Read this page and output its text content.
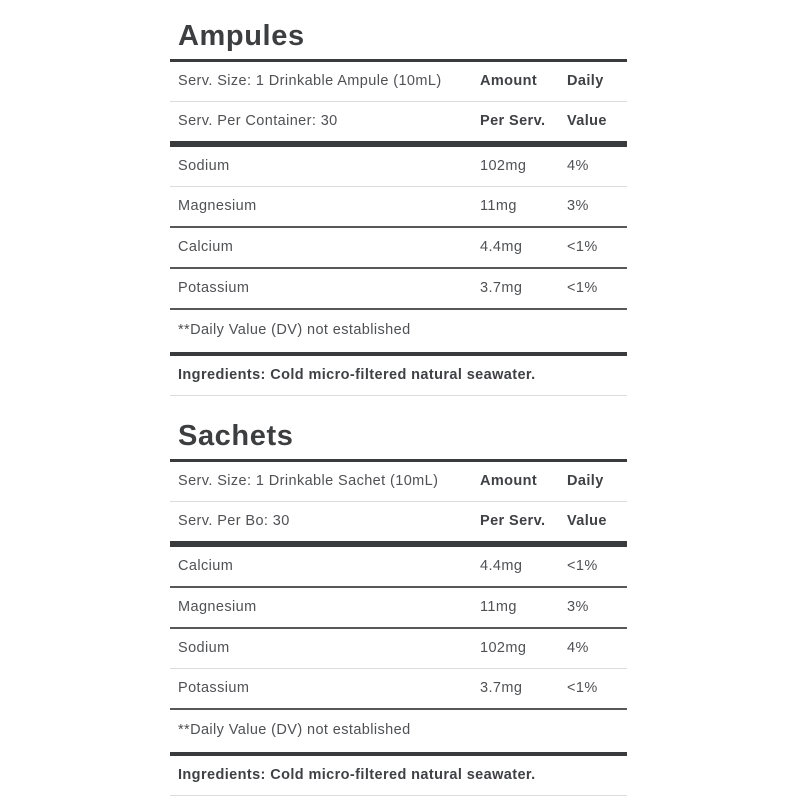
Ampules
Serv. Size: 1 Drinkable Ampule (10mL)	Amount	Daily
Serv. Per Container: 30	Per Serv.	Value
Sodium	102mg	4%
Magnesium	11mg	3%
Calcium	4.4mg	<1%
Potassium	3.7mg	<1%
**Daily Value (DV) not established
Ingredients: Cold micro-filtered natural seawater.
Sachets
Serv. Size: 1 Drinkable Sachet (10mL)	Amount	Daily
Serv. Per Bo: 30	Per Serv.	Value
Calcium	4.4mg	<1%
Magnesium	11mg	3%
Sodium	102mg	4%
Potassium	3.7mg	<1%
**Daily Value (DV) not established
Ingredients: Cold micro-filtered natural seawater.
